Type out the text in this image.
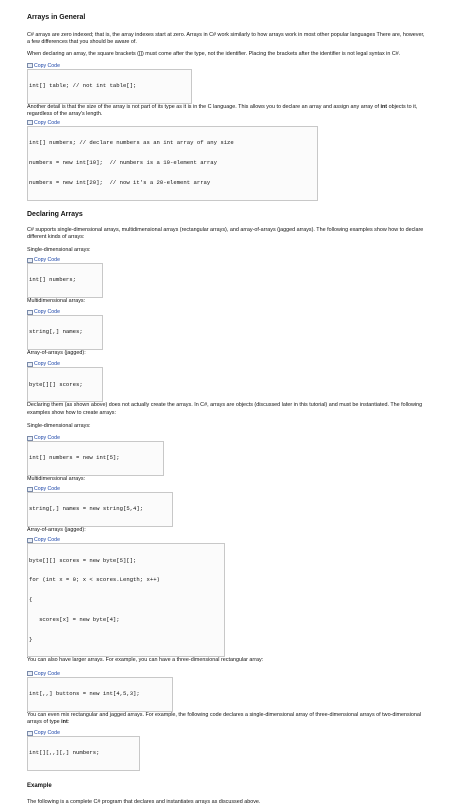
Arrays in General

C# arrays are zero indexed; that is, the array indexes start at zero. Arrays in C# work similarly to how arrays work in most other popular languages There are, however, a few differences that you should be aware of.

When declaring an array, the square brackets ([]) must come after the type, not the identifier. Placing the brackets after the identifier is not legal syntax in C#.

Copy Code

int[] table; // not int table[];

Another detail is that the size of the array is not part of its type as it is in the C language. This allows you to declare an array and assign any array of int objects to it, regardless of the array's length.

Copy Code

int[] numbers; // declare numbers as an int array of any size

numbers = new int[10];  // numbers is a 10-element array

numbers = new int[20];  // now it's a 20-element array

Declaring Arrays

C# supports single-dimensional arrays, multidimensional arrays (rectangular arrays), and array-of-arrays (jagged arrays). The following examples show how to declare different kinds of arrays:

Single-dimensional arrays:

Copy Code

int[] numbers;

Multidimensional arrays:

Copy Code

string[,] names;

Array-of-arrays (jagged):

Copy Code

byte[][] scores;

Declaring them (as shown above) does not actually create the arrays. In C#, arrays are objects (discussed later in this tutorial) and must be instantiated. The following examples show how to create arrays:

Single-dimensional arrays:

Copy Code

int[] numbers = new int[5];

Multidimensional arrays:

Copy Code

string[,] names = new string[5,4];

Array-of-arrays (jagged):

Copy Code

byte[][] scores = new byte[5][];

for (int x = 0; x < scores.Length; x++)

{

scores[x] = new byte[4];

}

You can also have larger arrays. For example, you can have a three-dimensional rectangular array:

Copy Code

int[,,] buttons = new int[4,5,3];

You can even mix rectangular and jagged arrays. For example, the following code declares a single-dimensional array of three-dimensional arrays of two-dimensional arrays of type int:

Copy Code

int[][,,][,] numbers;

Example

The following is a complete C# program that declares and instantiates arrays as discussed above.
